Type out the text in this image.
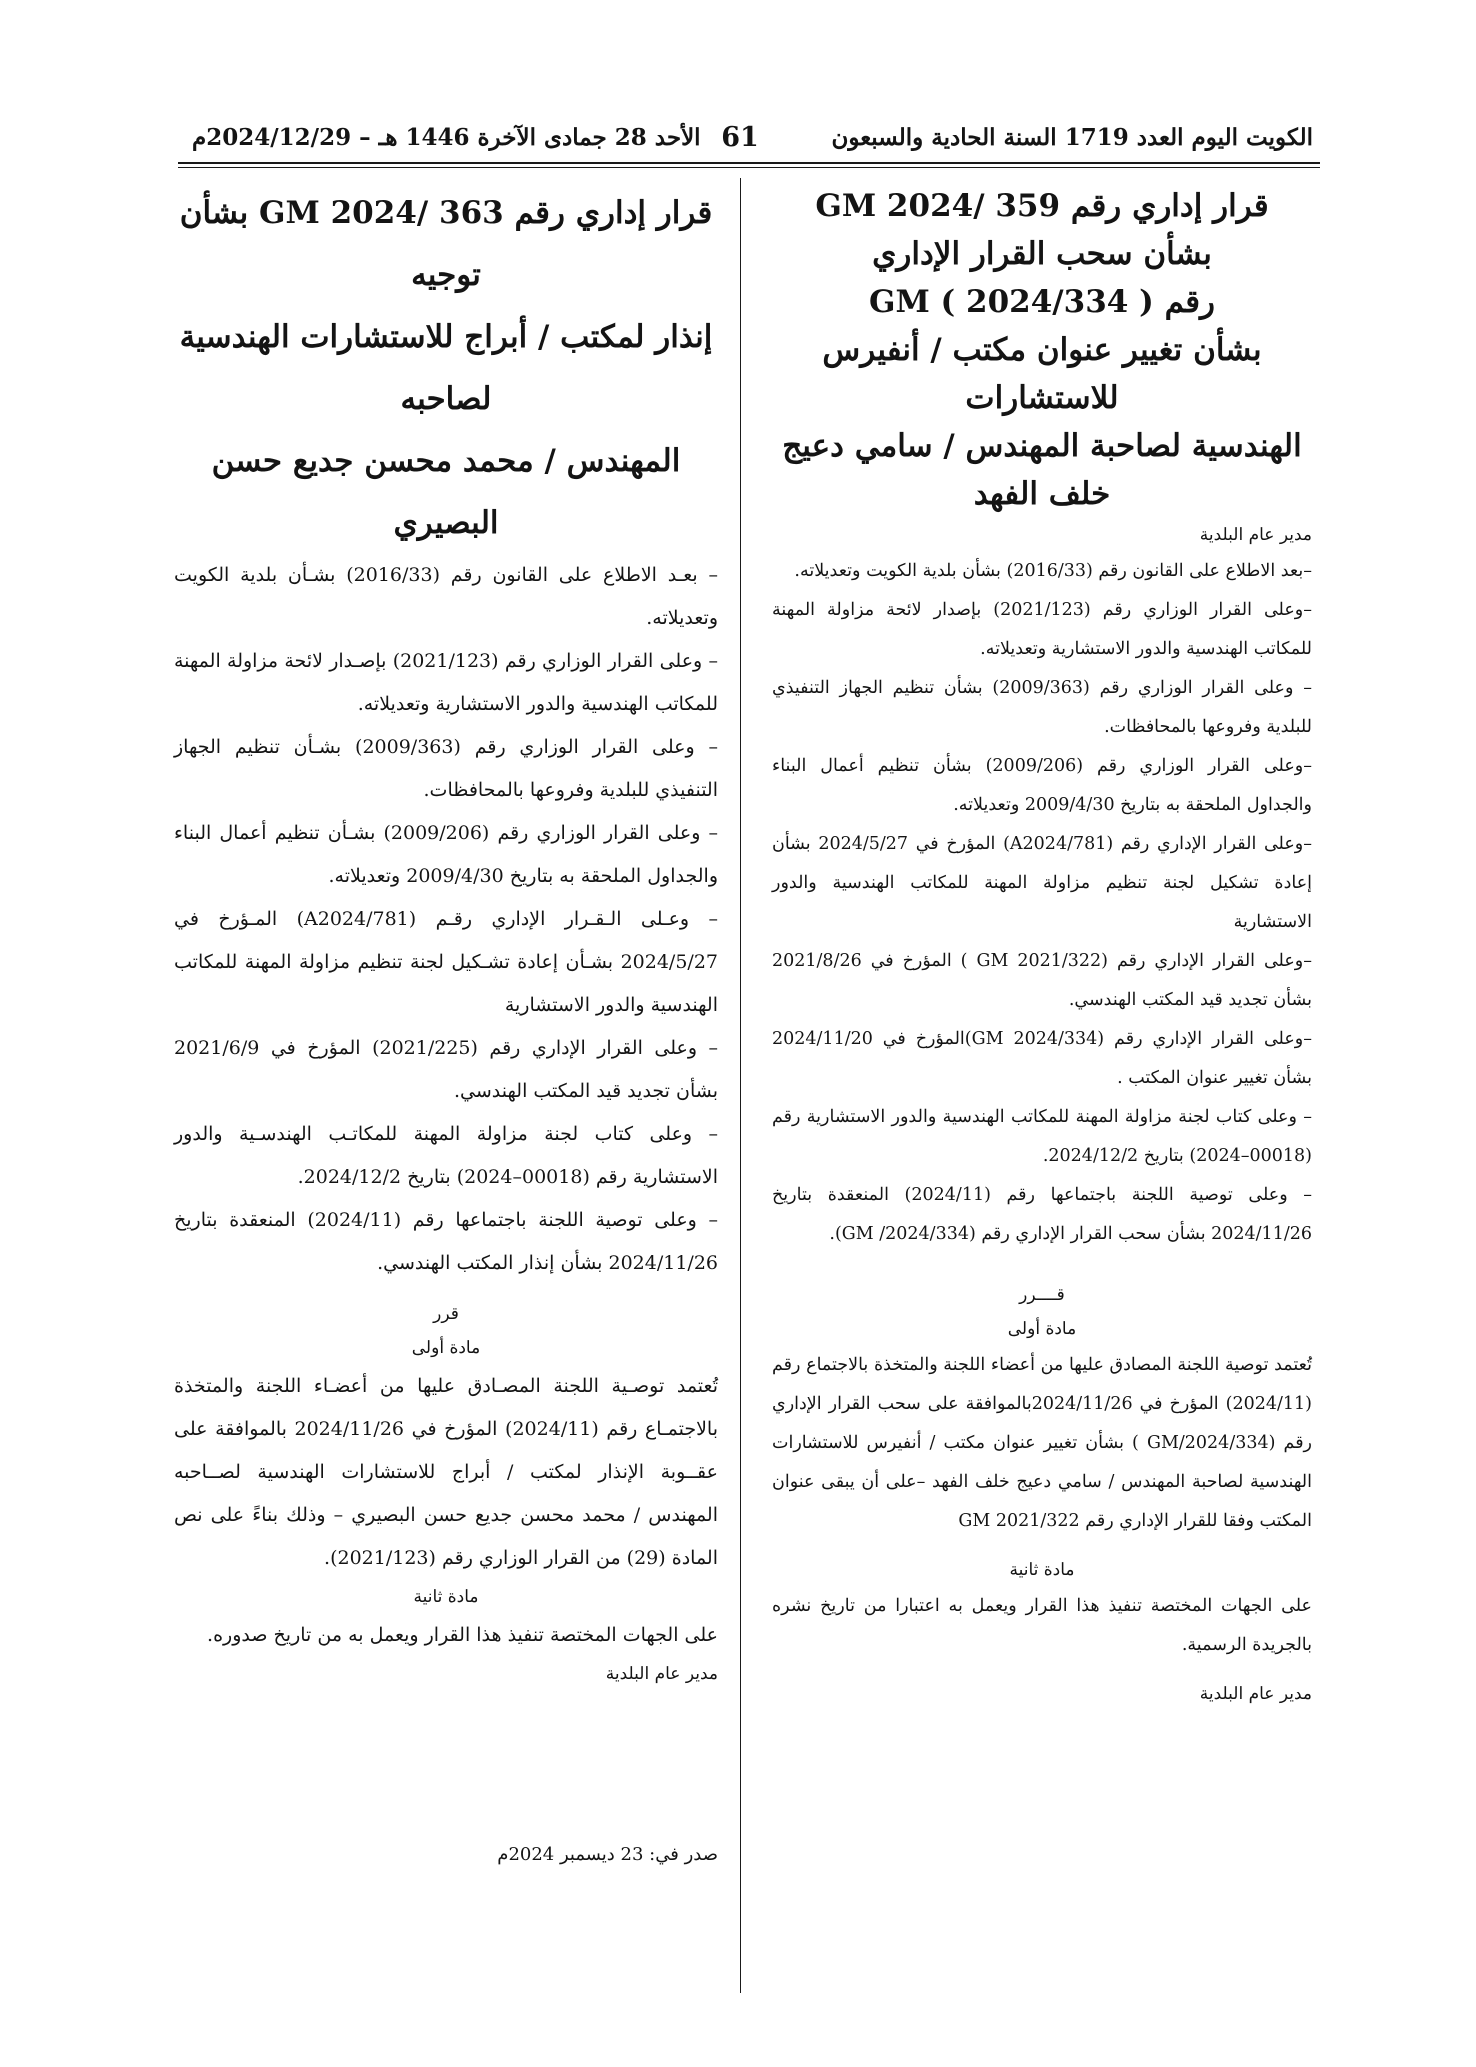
الكويت اليوم العدد 1719 السنة الحادية والسبعون
61
الأحد 28 جمادى الآخرة 1446 هـ – 2024/12/29م

قرار إداري رقم 359 /GM 2024

بشأن سحب القرار الإداري

رقم ( 2024/334 ) GM

بشأن تغيير عنوان مكتب / أنفيرس للاستشارات

الهندسية لصاحبة المهندس / سامي دعيج خلف الفهد

مدير عام البلدية

–بعد الاطلاع على القانون رقم (2016/33) بشأن بلدية الكويت وتعديلاته.

–وعلى القرار الوزاري رقم (2021/123) بإصدار لائحة مزاولة المهنة للمكاتب الهندسية والدور الاستشارية وتعديلاته.

– وعلى القرار الوزاري رقم (2009/363) بشأن تنظيم الجهاز التنفيذي للبلدية وفروعها بالمحافظات.

–وعلى القرار الوزاري رقم (2009/206) بشأن تنظيم أعمال البناء والجداول الملحقة به بتاريخ 2009/4/30 وتعديلاته.

–وعلى القرار الإداري رقم (A2024/781) المؤرخ في 2024/5/27 بشأن إعادة تشكيل لجنة تنظيم مزاولة المهنة للمكاتب الهندسية والدور الاستشارية

–وعلى القرار الإداري رقم (GM 2021/322 ) المؤرخ في 2021/8/26 بشأن تجديد قيد المكتب الهندسي.

–وعلى القرار الإداري رقم (GM 2024/334)المؤرخ في 2024/11/20 بشأن تغيير عنوان المكتب .

– وعلى كتاب لجنة مزاولة المهنة للمكاتب الهندسية والدور الاستشارية رقم (00018–2024) بتاريخ 2024/12/2.

– وعلى توصية اللجنة باجتماعها رقم (2024/11) المنعقدة بتاريخ 2024/11/26 بشأن سحب القرار الإداري رقم (2024/334/ GM).

قــــرر

مادة أولى

تُعتمد توصية اللجنة المصادق عليها من أعضاء اللجنة والمتخذة بالاجتماع رقم (2024/11) المؤرخ في 2024/11/26بالموافقة على سحب القرار الإداري رقم (GM/2024/334 ) بشأن تغيير عنوان مكتب / أنفيرس للاستشارات الهندسية لصاحبة المهندس / سامي دعيج خلف الفهد –على أن يبقى عنوان المكتب وفقا للقرار الإداري رقم GM 2021/322

مادة ثانية

على الجهات المختصة تنفيذ هذا القرار ويعمل به اعتبارا من تاريخ نشره بالجريدة الرسمية.

مدير عام البلدية

قرار إداري رقم 363 /GM 2024 بشأن توجيه

إنذار لمكتب / أبراج للاستشارات الهندسية لصاحبه

المهندس / محمد محسن جديع حسن البصيري

– بعـد الاطلاع على القانون رقم (2016/33) بشـأن بلدية الكويت وتعديلاته.

– وعلى القرار الوزاري رقم (2021/123) بإصـدار لائحة مزاولة المهنة للمكاتب الهندسية والدور الاستشارية وتعديلاته.

– وعلى القرار الوزاري رقم (2009/363) بشـأن تنظيم الجهاز التنفيذي للبلدية وفروعها بالمحافظات.

– وعلى القرار الوزاري رقم (2009/206) بشـأن تنظيم أعمال البناء والجداول الملحقة به بتاريخ 2009/4/30 وتعديلاته.

– وعـلى الـقـرار الإداري رقـم (A2024/781) المـؤرخ في 2024/5/27 بشـأن إعادة تشـكيل لجنة تنظيم مزاولة المهنة للمكاتب الهندسية والدور الاستشارية

– وعلى القرار الإداري رقم (2021/225) المؤرخ في 2021/6/9 بشأن تجديد قيد المكتب الهندسي.

– وعلى كتاب لجنة مزاولة المهنة للمكاتـب الهندسـية والدور الاستشارية رقم (00018–2024) بتاريخ 2024/12/2.

– وعلى توصية اللجنة باجتماعها رقم (2024/11) المنعقدة بتاريخ 2024/11/26 بشأن إنذار المكتب الهندسي.

قرر

مادة أولى

تُعتمد توصـية اللجنة المصـادق عليها من أعضـاء اللجنة والمتخذة بالاجتمـاع رقم (2024/11) المؤرخ في 2024/11/26 بالموافقة على عقــوبة الإنذار لمكتب / أبراج للاستشارات الهندسية لصــاحبه المهندس / محمد محسن جديع حسن البصيري – وذلك بناءً على نص المادة (29) من القرار الوزاري رقم (2021/123).

مادة ثانية

على الجهات المختصة تنفيذ هذا القرار ويعمل به من تاريخ صدوره.

مدير عام البلدية

صدر في: 23 ديسمبر 2024م
